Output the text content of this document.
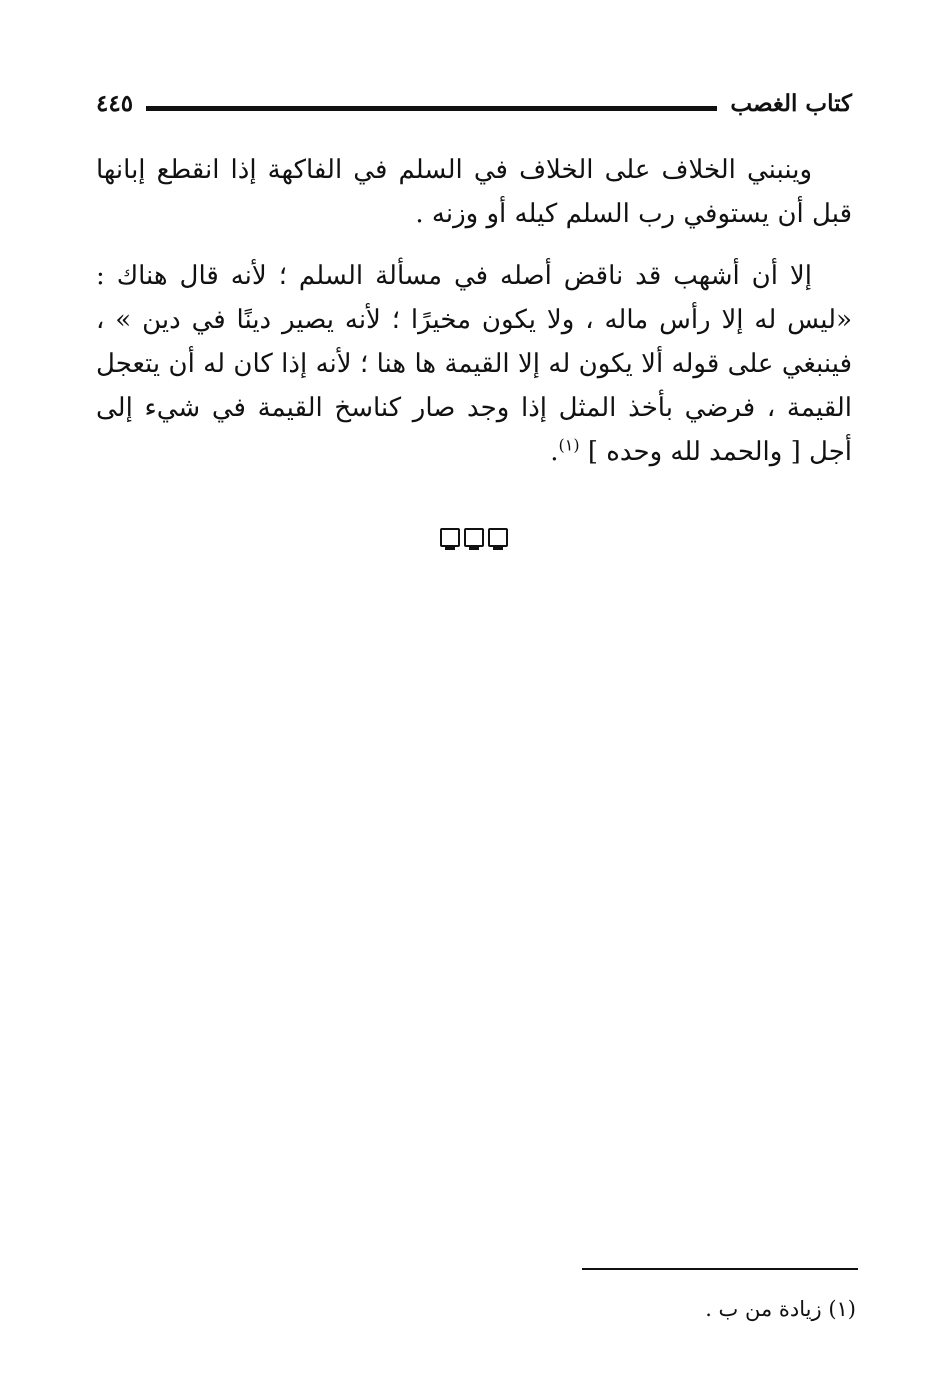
كتاب الغصب
٤٤٥

وينبني الخلاف على الخلاف في السلم في الفاكهة إذا انقطع إبانها قبل أن يستوفي رب السلم كيله أو وزنه .

إلا أن أشهب قد ناقض أصله في مسألة السلم ؛ لأنه قال هناك : «ليس له إلا رأس ماله ، ولا يكون مخيرًا ؛ لأنه يصير دينًا في دين » ، فينبغي على قوله ألا يكون له إلا القيمة ها هنا ؛ لأنه إذا كان له أن يتعجل القيمة ، فرضي بأخذ المثل إذا وجد صار كناسخ القيمة في شيء إلى أجل [ والحمد لله وحده ] $^{(١)}$.

(١) زيادة من ب .
